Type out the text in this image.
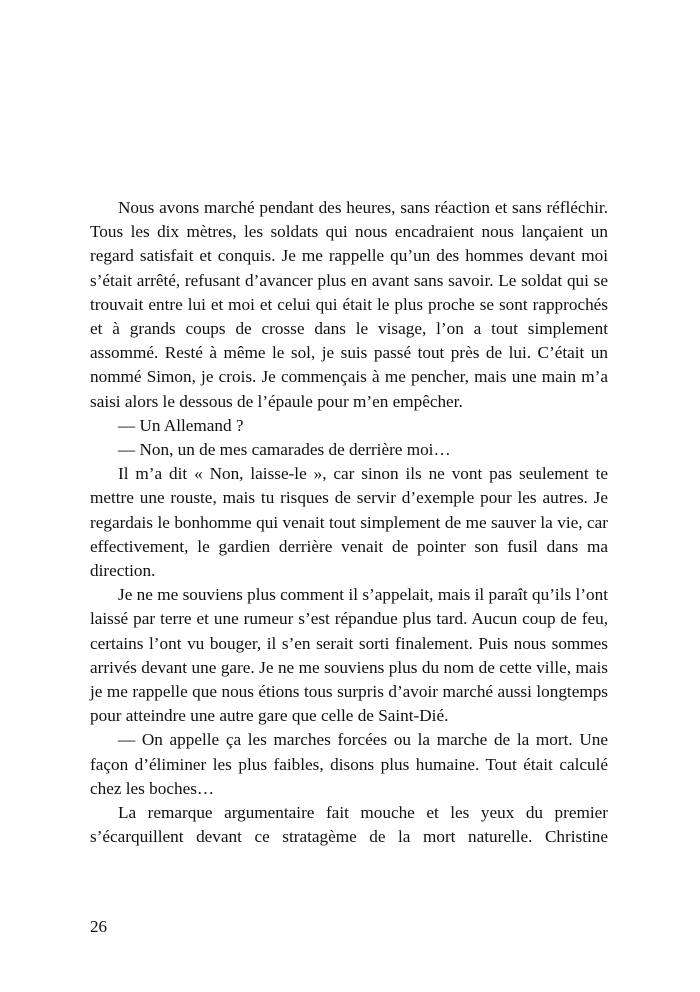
Nous avons marché pendant des heures, sans réaction et sans réfléchir. Tous les dix mètres, les soldats qui nous encadraient nous lançaient un regard satisfait et conquis. Je me rappelle qu’un des hommes devant moi s’était arrêté, refusant d’avancer plus en avant sans savoir. Le soldat qui se trouvait entre lui et moi et celui qui était le plus proche se sont rapprochés et à grands coups de crosse dans le visage, l’on a tout simplement assommé. Resté à même le sol, je suis passé tout près de lui. C’était un nommé Simon, je crois. Je commençais à me pencher, mais une main m’a saisi alors le dessous de l’épaule pour m’en empêcher.

— Un Allemand ?

— Non, un de mes camarades de derrière moi…

Il m’a dit « Non, laisse-le », car sinon ils ne vont pas seulement te mettre une rouste, mais tu risques de servir d’exemple pour les autres. Je regardais le bonhomme qui venait tout simplement de me sauver la vie, car effectivement, le gardien derrière venait de pointer son fusil dans ma direction.

Je ne me souviens plus comment il s’appelait, mais il paraît qu’ils l’ont laissé par terre et une rumeur s’est répandue plus tard. Aucun coup de feu, certains l’ont vu bouger, il s’en serait sorti finalement. Puis nous sommes arrivés devant une gare. Je ne me souviens plus du nom de cette ville, mais je me rappelle que nous étions tous surpris d’avoir marché aussi longtemps pour atteindre une autre gare que celle de Saint-Dié.

— On appelle ça les marches forcées ou la marche de la mort. Une façon d’éliminer les plus faibles, disons plus humaine. Tout était calculé chez les boches…

La remarque argumentaire fait mouche et les yeux du premier s’écarquillent devant ce stratagème de la mort naturelle. Christine

26
